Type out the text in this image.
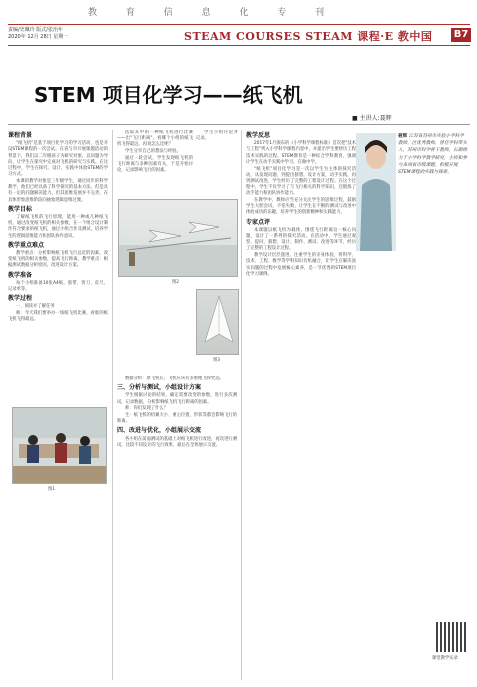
教 育 信 息 化 专 刊
责编/史珮玲 版式/张治年
2020年 12月 28日 星期一	STEAM COURSES STEAM 课程·E 教中国 B7
STEM 项目化学习——纸飞机
■ 主讲人:聂辉
课程背景

"纸飞机"是基于项目化学习的学习活动，也是开设STEM课程的一次尝试。在省与市开展课题活动的背景下，我们以二年级孩子为研究对象，以问题为导向，让学生在探究中完成对飞机的研究与实践。在这过程中，学生在探究、设计、实践中体验STEM的学习方式。

本课的教学对象是三年级学生，通过同步的科学教学，他们已经具备了科学探究的基本方法，但是具有一定的问题解决能力，但其思维发展并不完善，在具体形象思维阶段向抽象逻辑思维过渡。

教学目标

了解纸飞机的飞行原理，能用一种或几种纸飞机，通过改变纸飞机的相关参数，在一个组合设计制作符合要求的纸飞机，通过小组合作及测试，培养学生的逻辑思维能力和团队协作意识。

教学重点难点

教学重点：分析影响纸飞机飞行远近的因素，改变纸飞机的相关参数，提高飞行距离。教学难点：根据测试数据分析原因，改进设计方案。

教学准备

每个小组准备10张A4纸，胶带、剪刀、皮尺、记录单等。

教学过程

一、阅读并了解任务

师：今天我们要举办一场纸飞机比赛，看谁的纸飞机飞得最远。

图1

选取其中的一种纸飞机进行比赛——出"飞行距离"，看哪个小组的纸飞机飞得最远，再说怎么比呢？

学生分享自己的想法与经验。

通过一轮尝试，学生发现纸飞机的飞行距离与多种因素有关，于是开始讨论，记录影响飞行的因素。

学生小组讨论并记录。

图2
图3

数据分析：原飞机在，飞机应该有多重地飞得更远。

三、分析与测试，小组设计方案

学生根据讨论的结果，确定需要改变的参数，进行多次测试，记录数据，分析影响纸飞机飞行距离的因素。

师：你们发现了什么？

生：纸飞机的机翼大小、重心位置、形状等都会影响飞行的距离。

四、改进与优化，小组展示交流

各小组在前面测试的基础上对纸飞机进行改进，再次进行测试，比较不同设计的飞行效果，最后在全班展示交流。

教学反思

2017年1月颁布的《小学科学课程标准》首次把"技术与工程"列入小学科学课程内容中，并提出学生要经历工程技术实践的过程。STEM教育是一种综合学科教育，强调让学生在动手实践中学习，在做中学。

"纸飞机"项目化学习是一次以学生为主体的探究活动，从发现问题，到提出猜想，设计方案，动手实践，再到测试改进，学生经历了完整的工程设计过程。在这个过程中，学生不仅学习了与飞行相关的科学知识，还锻炼了动手能力和团队协作能力。

在教学中，教师应当充分关注学生的思维过程，鼓励学生大胆尝试，不怕失败，让学生在不断的测试与改进中体验成功的乐趣，培养学生的创新精神和实践能力。

专家点评

本课题以纸飞机为载体，围绕飞行距离这一核心问题，设计了一系列的探究活动。在活动中，学生通过观察、提问、猜想、设计、制作、测试、改进等环节，经历了完整的工程设计过程。

教学设计层层递进，注重学生的亲身体验，将科学、技术、工程、数学等学科知识有机融合，让学生在解决真实问题的过程中发展核心素养，是一节优秀的STEM项目化学习课例。

聂辉 江苏省苏州市实验小学科学教师，区优秀教师，曾任学科带头人、苏州市科学骨干教师。长期致力于小学科学教学研究，主持和参与多项省市级课题，积极开展STEM课程的实践与探索。
课堂教学实录
